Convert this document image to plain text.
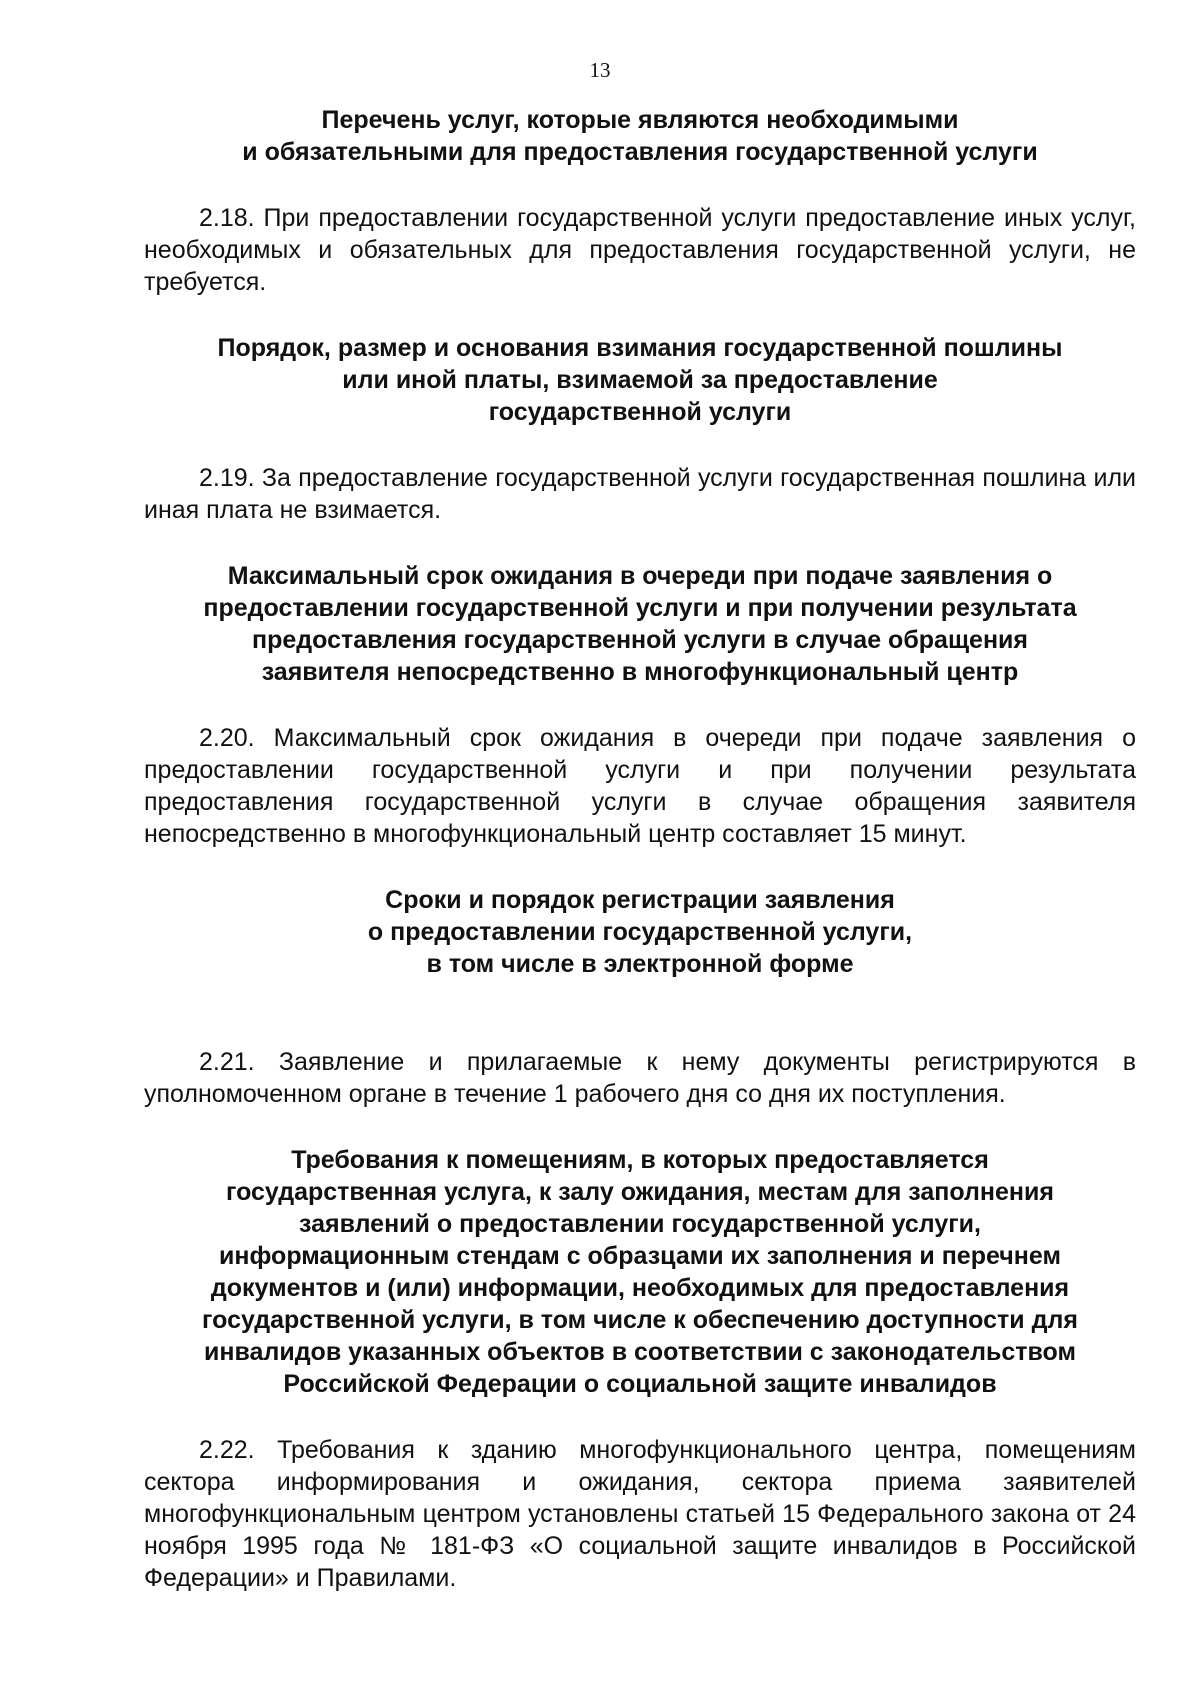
13
Перечень услуг, которые являются необходимыми
и обязательными для предоставления государственной услуги

2.18. При предоставлении государственной услуги предоставление иных услуг, необходимых и обязательных для предоставления государственной услуги, не требуется.

Порядок, размер и основания взимания государственной пошлины
или иной платы, взимаемой за предоставление
государственной услуги

2.19. За предоставление государственной услуги государственная пошлина или иная плата не взимается.

Максимальный срок ожидания в очереди при подаче заявления о
предоставлении государственной услуги и при получении результата
предоставления государственной услуги в случае обращения
заявителя непосредственно в многофункциональный центр

2.20. Максимальный срок ожидания в очереди при подаче заявления о предоставлении государственной услуги и при получении результата предоставления государственной услуги в случае обращения заявителя непосредственно в многофункциональный центр составляет 15 минут.

Сроки и порядок регистрации заявления
о предоставлении государственной услуги,
в том числе в электронной форме

2.21. Заявление и прилагаемые к нему документы регистрируются в уполномоченном органе в течение 1 рабочего дня со дня их поступления.

Требования к помещениям, в которых предоставляется
государственная услуга, к залу ожидания, местам для заполнения
заявлений о предоставлении государственной услуги,
информационным стендам с образцами их заполнения и перечнем
документов и (или) информации, необходимых для предоставления
государственной услуги, в том числе к обеспечению доступности для
инвалидов указанных объектов в соответствии с законодательством
Российской Федерации о социальной защите инвалидов

2.22. Требования к зданию многофункционального центра, помещениям сектора информирования и ожидания, сектора приема заявителей многофункциональным центром установлены статьей 15 Федерального закона от 24 ноября 1995 года № 181-ФЗ «О социальной защите инвалидов в Российской Федерации» и Правилами.
